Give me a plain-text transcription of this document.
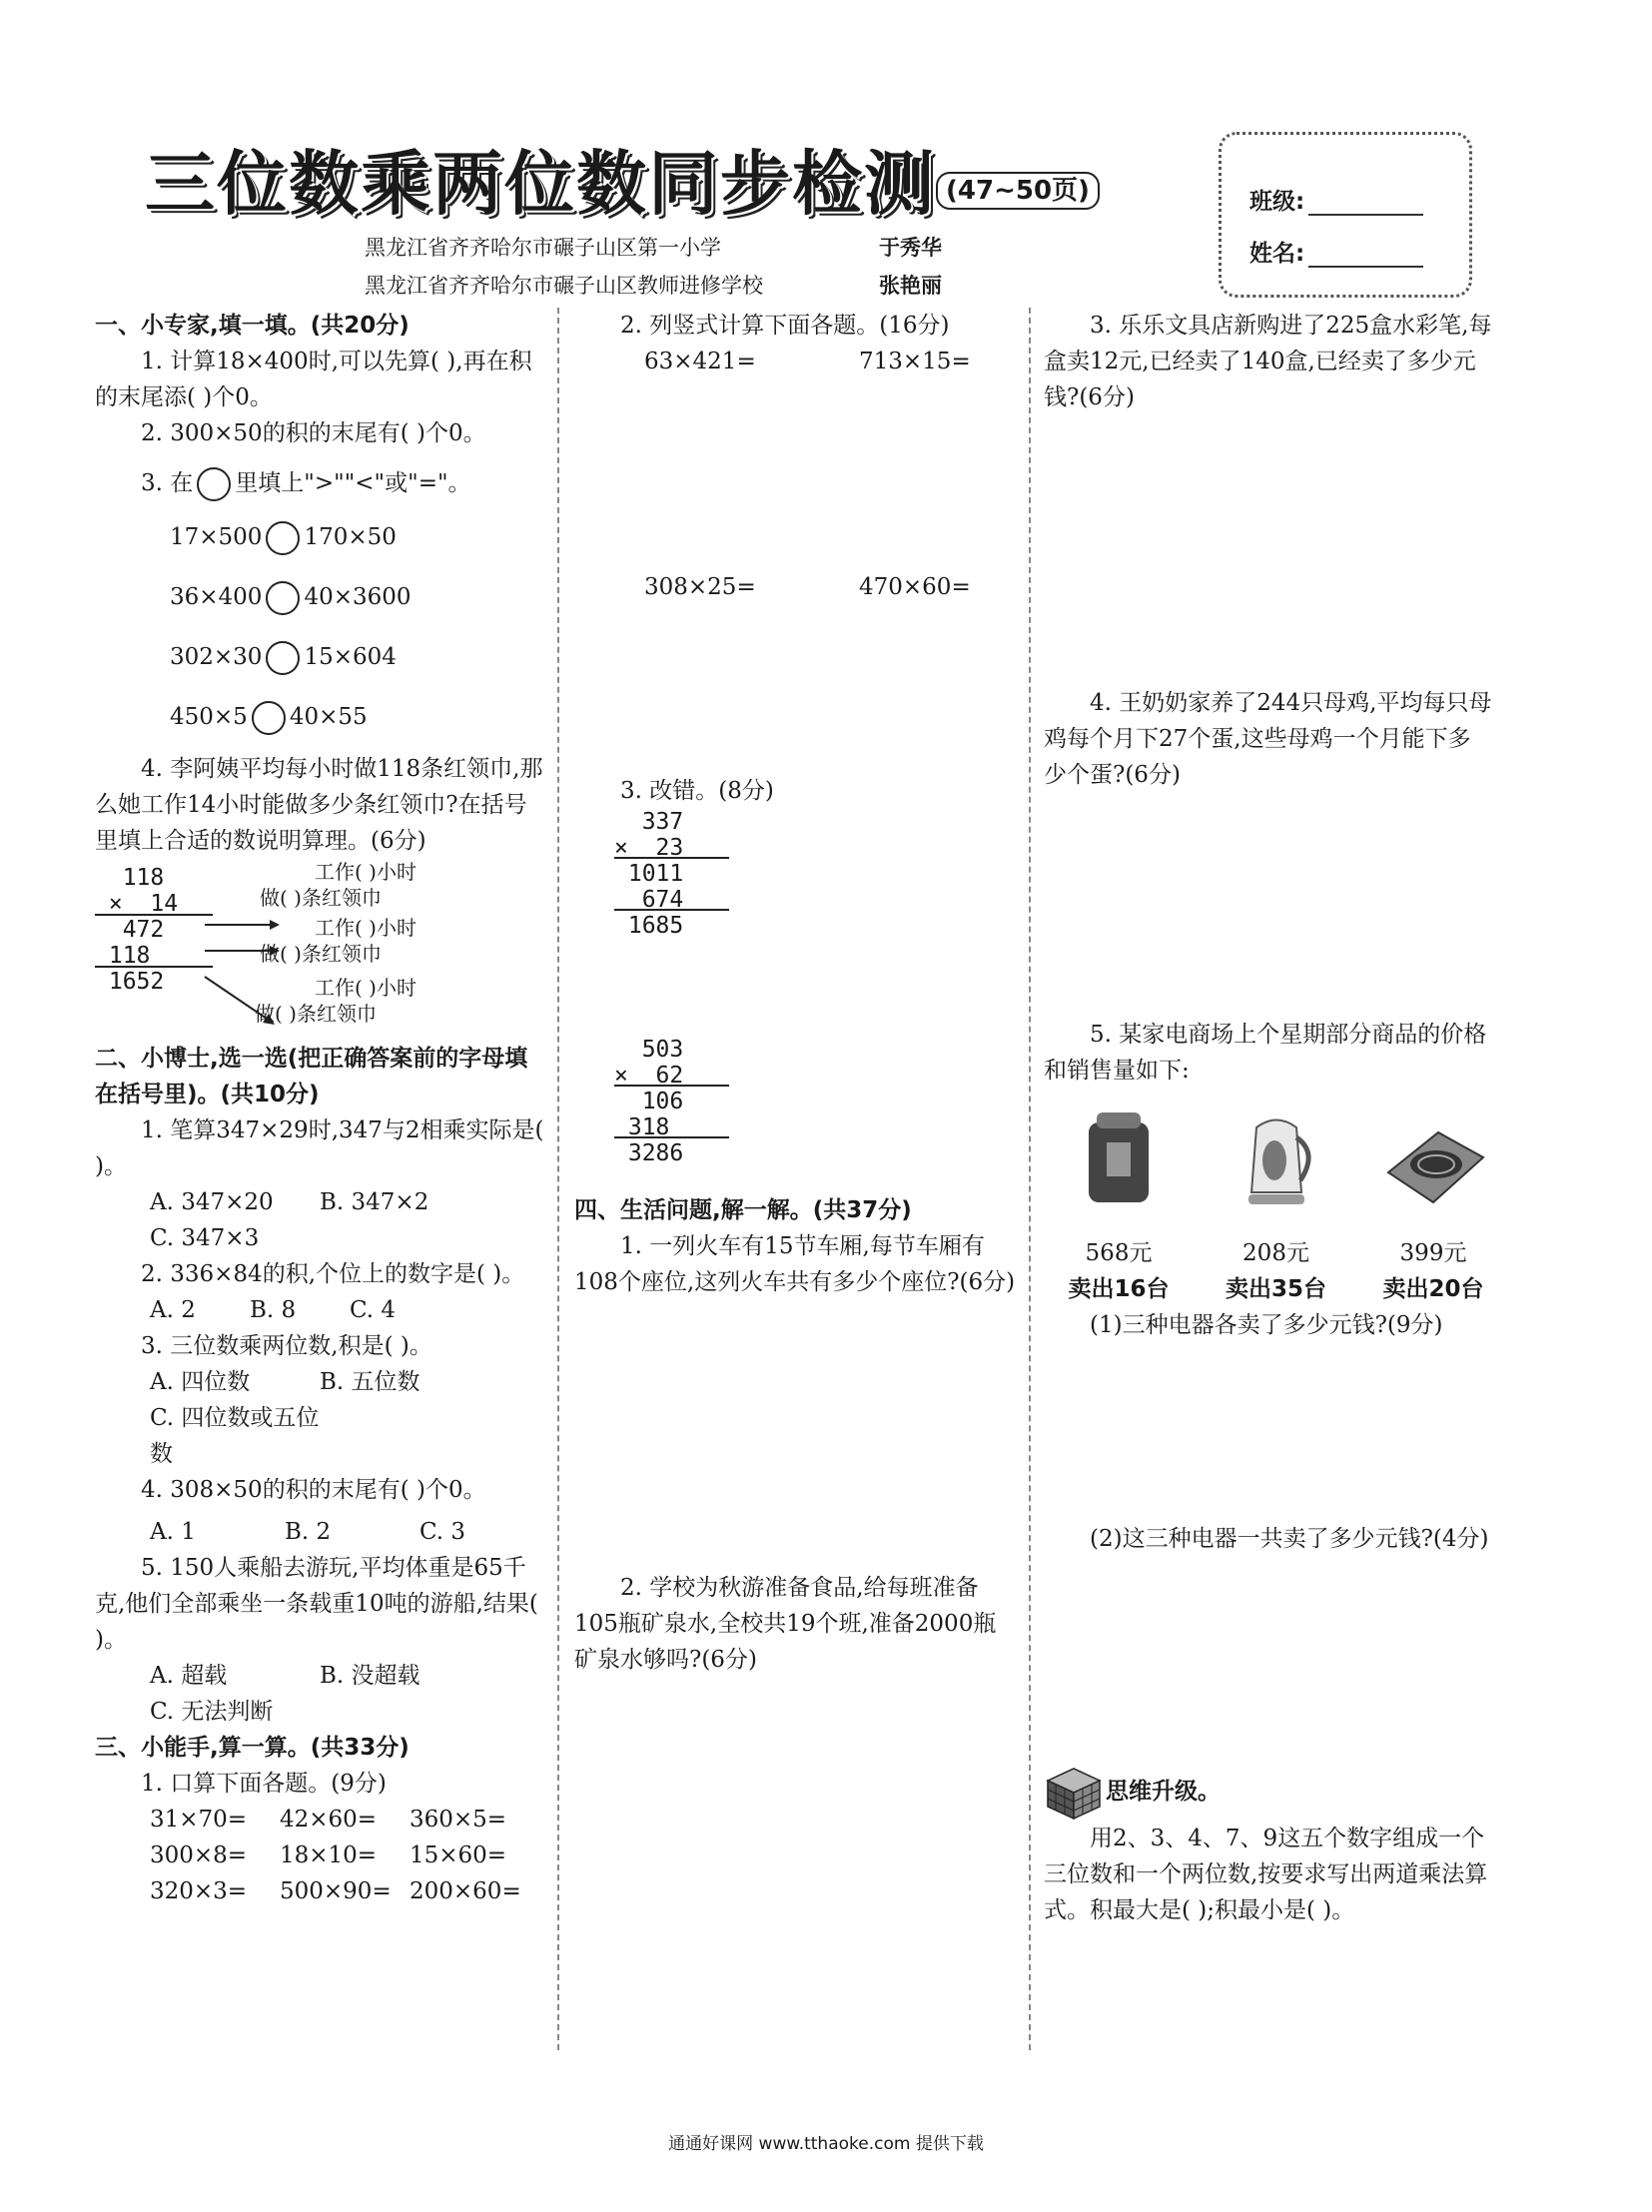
三位数乘两位数同步检测 (47~50页)
黑龙江省齐齐哈尔市碾子山区第一小学	于秀华
黑龙江省齐齐哈尔市碾子山区教师进修学校	张艳丽
班级:
姓名:

一、小专家,填一填。(共20分)

1. 计算18×400时,可以先算( ),再在积的末尾添( )个0。

2. 300×50的积的末尾有( )个0。

3. 在 里填上">""<"或"="。

17×500 170×50
36×400 40×3600
302×30 15×604
450×5 40×55

4. 李阿姨平均每小时做118条红领巾,那么她工作14小时能做多少条红领巾?在括号里填上合适的数说明算理。(6分)

118
×  14
472
118
1652
工作( )小时
做( )条红领巾
工作( )小时
做( )条红领巾
工作( )小时
做( )条红领巾

二、小博士,选一选(把正确答案前的字母填在括号里)。(共10分)

1. 笔算347×29时,347与2相乘实际是( )。

A. 347×20	B. 347×2
C. 347×3

2. 336×84的积,个位上的数字是( )。

A. 2	B. 8	C. 4

3. 三位数乘两位数,积是( )。

A. 四位数	B. 五位数
C. 四位数或五位数

4. 308×50的积的末尾有( )个0。

A. 1	B. 2	C. 3

5. 150人乘船去游玩,平均体重是65千克,他们全部乘坐一条载重10吨的游船,结果( )。

A. 超载	B. 没超载
C. 无法判断

三、小能手,算一算。(共33分)

1. 口算下面各题。(9分)

31×70=	42×60=	360×5=
300×8=	18×10=	15×60=
320×3=	500×90= 200×60=

2. 列竖式计算下面各题。(16分)

63×421=	713×15=
308×25=	470×60=

3. 改错。(8分)

337
×  23
1011
674
1685
503
×  62
106
318
3286

四、生活问题,解一解。(共37分)

1. 一列火车有15节车厢,每节车厢有108个座位,这列火车共有多少个座位?(6分)

2. 学校为秋游准备食品,给每班准备105瓶矿泉水,全校共19个班,准备2000瓶矿泉水够吗?(6分)

3. 乐乐文具店新购进了225盒水彩笔,每盒卖12元,已经卖了140盒,已经卖了多少元钱?(6分)

4. 王奶奶家养了244只母鸡,平均每只母鸡每个月下27个蛋,这些母鸡一个月能下多少个蛋?(6分)

5. 某家电商场上个星期部分商品的价格和销售量如下:

568元
卖出16台
208元
卖出35台
399元
卖出20台

(1)三种电器各卖了多少元钱?(9分)

(2)这三种电器一共卖了多少元钱?(4分)

思维升级。

用2、3、4、7、9这五个数字组成一个三位数和一个两位数,按要求写出两道乘法算式。积最大是( );积最小是( )。

通通好课网 www.tthaoke.com 提供下载
